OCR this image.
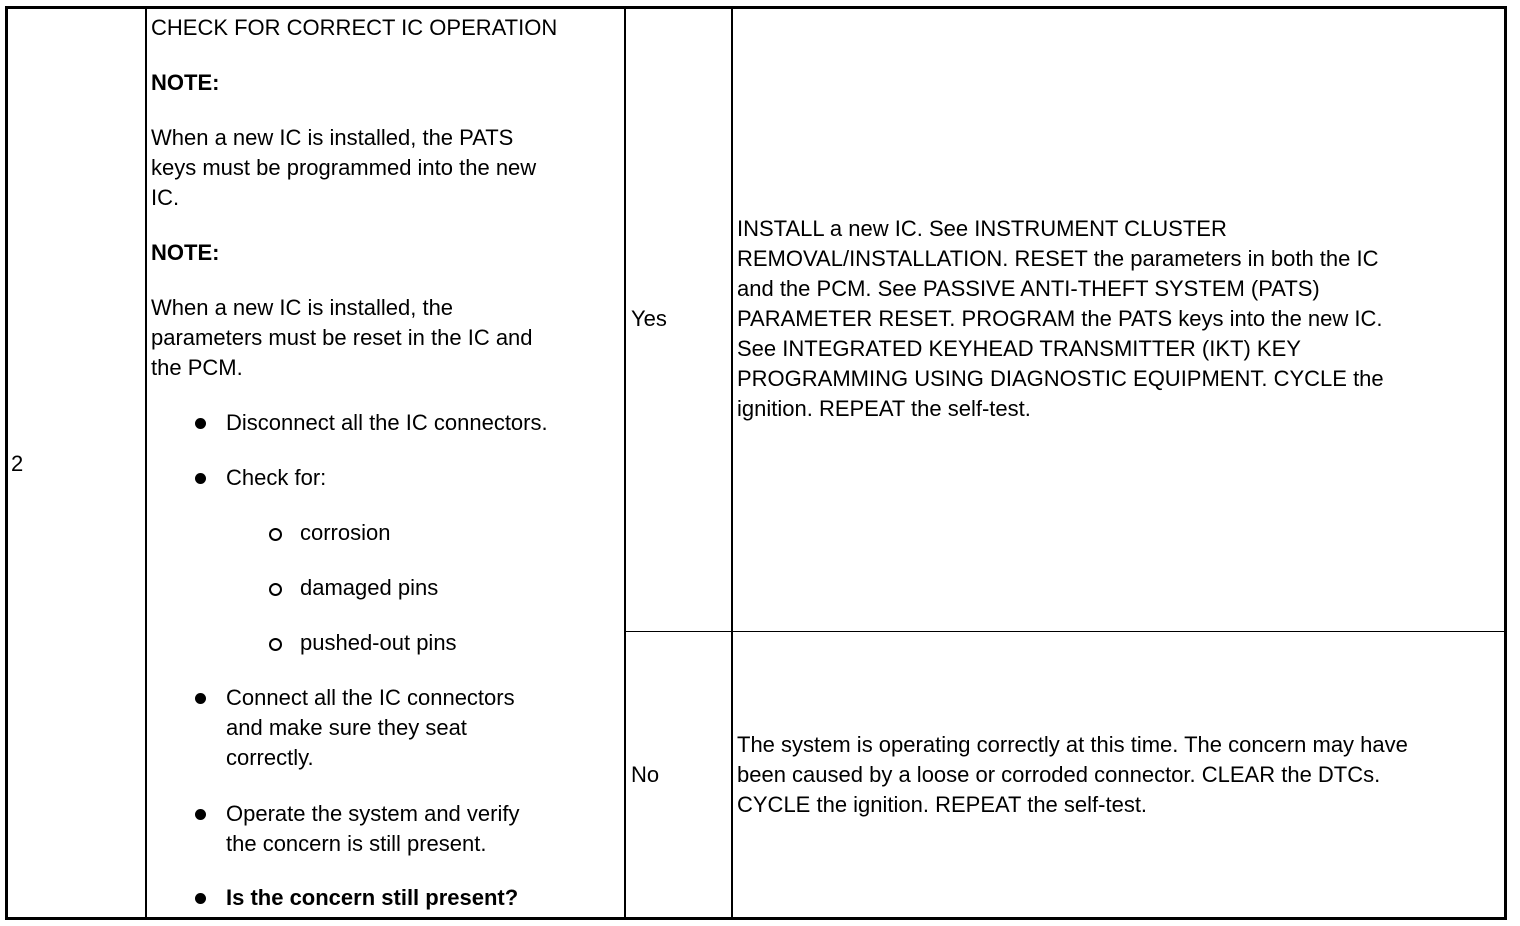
2
CHECK FOR CORRECT IC OPERATION
NOTE:
When a new IC is installed, the PATS
keys must be programmed into the new
IC.
NOTE:
When a new IC is installed, the
parameters must be reset in the IC and
the PCM.
Disconnect all the IC connectors.
Check for:
corrosion
damaged pins
pushed-out pins
Connect all the IC connectors
and make sure they seat
correctly.
Operate the system and verify
the concern is still present.
Is the concern still present?
Yes
INSTALL a new IC. See INSTRUMENT CLUSTER
REMOVAL/INSTALLATION. RESET the parameters in both the IC
and the PCM. See PASSIVE ANTI-THEFT SYSTEM (PATS)
PARAMETER RESET. PROGRAM the PATS keys into the new IC.
See INTEGRATED KEYHEAD TRANSMITTER (IKT) KEY
PROGRAMMING USING DIAGNOSTIC EQUIPMENT. CYCLE the
ignition. REPEAT the self-test.
No
The system is operating correctly at this time. The concern may have
been caused by a loose or corroded connector. CLEAR the DTCs.
CYCLE the ignition. REPEAT the self-test.
